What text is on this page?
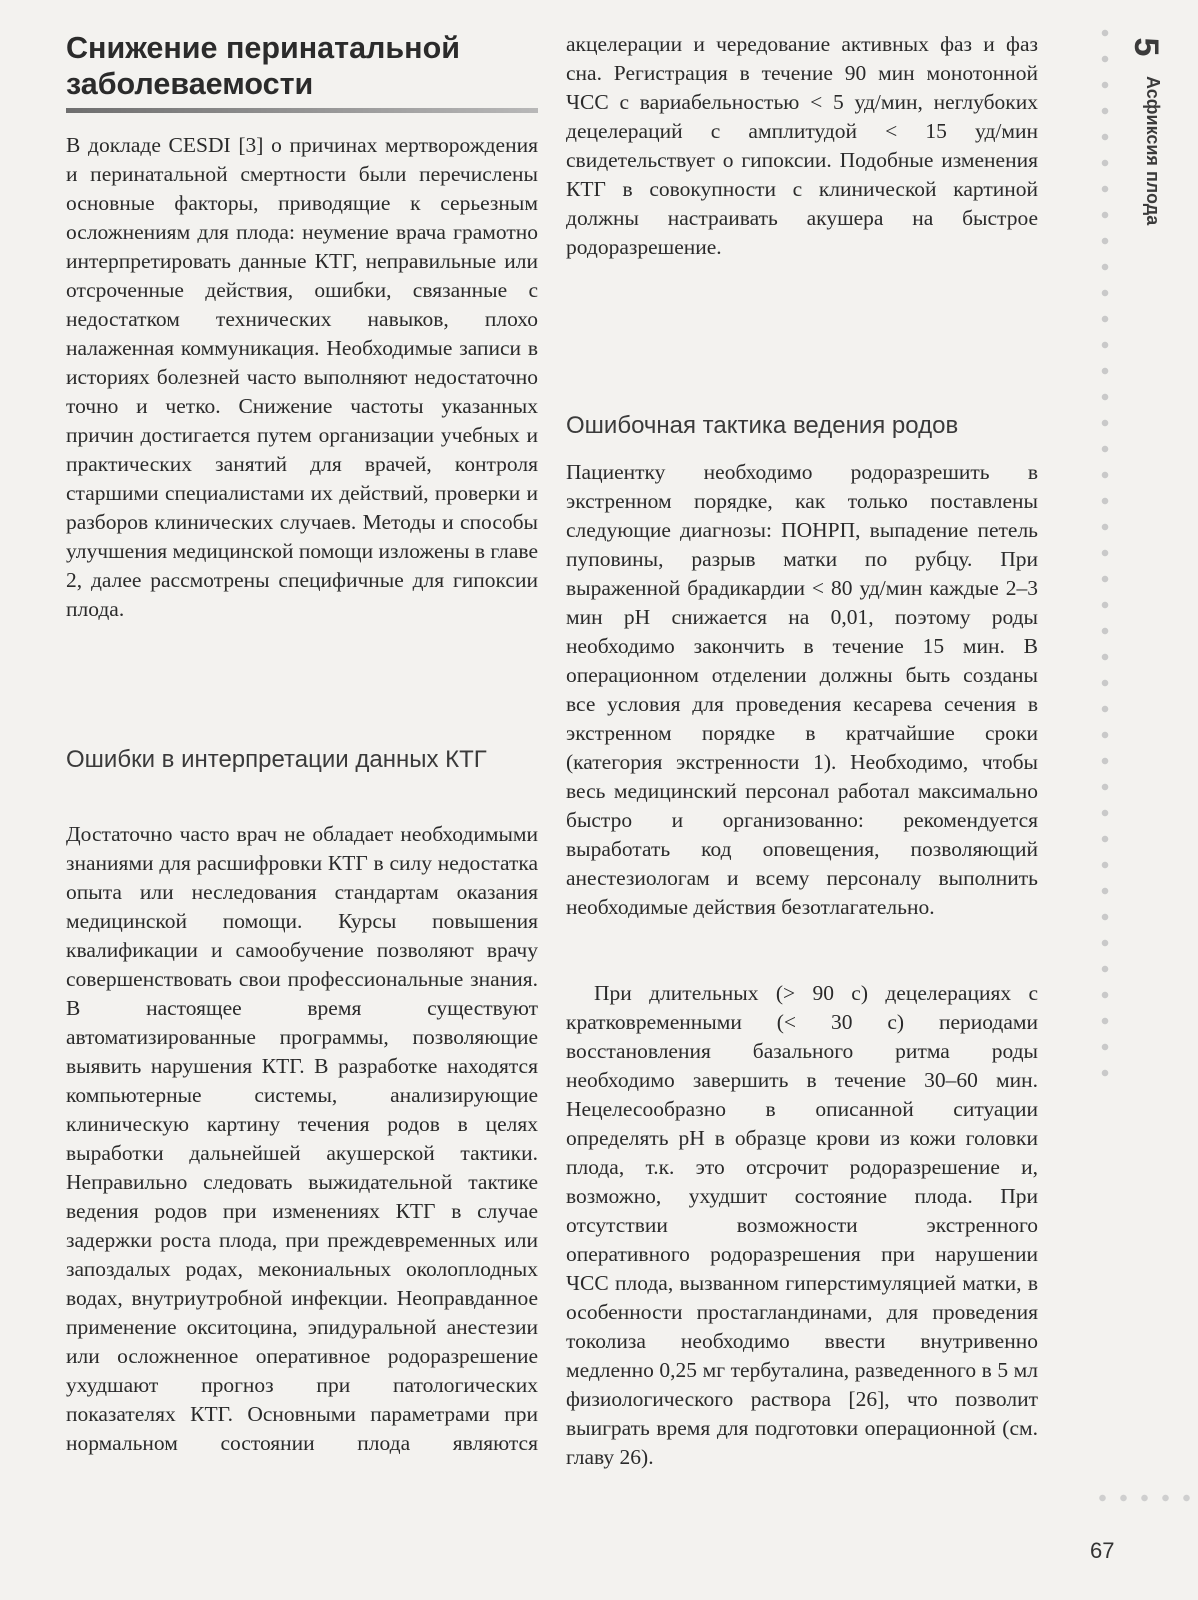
Снижение перинатальной заболеваемости

В докладе CESDI [3] о причинах мертворождения и перинатальной смертности были перечислены основные факторы, приводящие к серьезным осложнениям для плода: неумение врача грамотно интерпретировать данные КТГ, неправильные или отсроченные действия, ошибки, связанные с недостатком технических навыков, плохо налаженная коммуникация. Необходимые записи в историях болезней часто выполняют недостаточно точно и четко. Снижение частоты указанных причин достигается путем организации учебных и практических занятий для врачей, контроля старшими специалистами их действий, проверки и разборов клинических случаев. Методы и способы улучшения медицинской помощи изложены в главе 2, далее рассмотрены специфичные для гипоксии плода.

Ошибки в интерпретации данных КТГ

Достаточно часто врач не обладает необходимыми знаниями для расшифровки КТГ в силу недостатка опыта или неследования стандартам оказания медицинской помощи. Курсы повышения квалификации и самообучение позволяют врачу совершенствовать свои профессиональные знания. В настоящее время существуют автоматизированные программы, позволяющие выявить нарушения КТГ. В разработке находятся компьютерные системы, анализирующие клиническую картину течения родов в целях выработки дальнейшей акушерской тактики. Неправильно следовать выжидательной тактике ведения родов при изменениях КТГ в случае задержки роста плода, при преждевременных или запоздалых родах, мекониальных околоплодных водах, внутриутробной инфекции. Неоправданное применение окситоцина, эпидуральной анестезии или осложненное оперативное родоразрешение ухудшают прогноз при патологических показателях КТГ. Основными параметрами при нормальном состоянии плода являются

акцелерации и чередование активных фаз и фаз сна. Регистрация в течение 90 мин монотонной ЧСС с вариабельностью < 5 уд/мин, неглубоких децелераций с амплитудой < 15 уд/мин свидетельствует о гипоксии. Подобные изменения КТГ в совокупности с клинической картиной должны настраивать акушера на быстрое родоразрешение.

Ошибочная тактика ведения родов

Пациентку необходимо родоразрешить в экстренном порядке, как только поставлены следующие диагнозы: ПОНРП, выпадение петель пуповины, разрыв матки по рубцу. При выраженной брадикардии < 80 уд/мин каждые 2–3 мин pH снижается на 0,01, поэтому роды необходимо закончить в течение 15 мин. В операционном отделении должны быть созданы все условия для проведения кесарева сечения в экстренном порядке в кратчайшие сроки (категория экстренности 1). Необходимо, чтобы весь медицинский персонал работал максимально быстро и организованно: рекомендуется выработать код оповещения, позволяющий анестезиологам и всему персоналу выполнить необходимые действия безотлагательно.

При длительных (> 90 с) децелерациях с кратковременными (< 30 с) периодами восстановления базального ритма роды необходимо завершить в течение 30–60 мин. Нецелесообразно в описанной ситуации определять pH в образце крови из кожи головки плода, т.к. это отсрочит родоразрешение и, возможно, ухудшит состояние плода. При отсутствии возможности экстренного оперативного родоразрешения при нарушении ЧСС плода, вызванном гиперстимуляцией матки, в особенности простагландинами, для проведения токолиза необходимо ввести внутривенно медленно 0,25 мг тербуталина, разведенного в 5 мл физиологического раствора [26], что позволит выиграть время для подготовки операционной (см. главу 26).

5
Асфиксия плода
67
